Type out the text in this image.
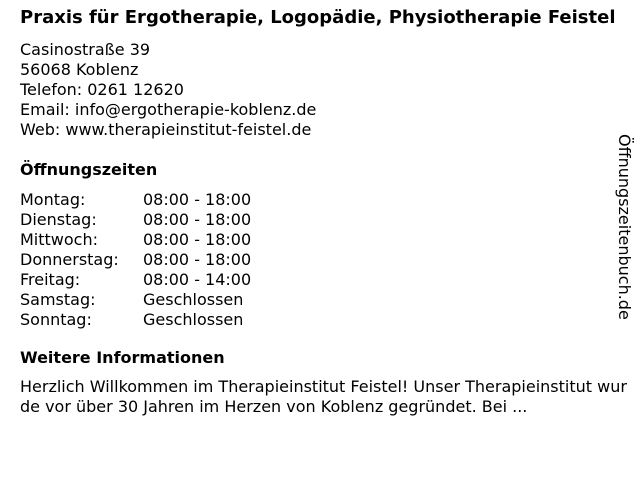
Praxis für Ergotherapie, Logopädie, Physiotherapie Feistel
Casinostraße 39
56068 Koblenz
Telefon: 0261 12620
Email: info@ergotherapie-koblenz.de
Web: www.therapieinstitut-feistel.de
Öffnungszeiten
Montag:	08:00 - 18:00
Dienstag:	08:00 - 18:00
Mittwoch:	08:00 - 18:00
Donnerstag:	08:00 - 18:00
Freitag:	08:00 - 14:00
Samstag:	Geschlossen
Sonntag:	Geschlossen
Weitere Informationen
Herzlich Willkommen im Therapieinstitut Feistel! Unser Therapieinstitut wurde vor über 30 Jahren im Herzen von Koblenz gegründet. Bei ...
Öffnungszeitenbuch.de
